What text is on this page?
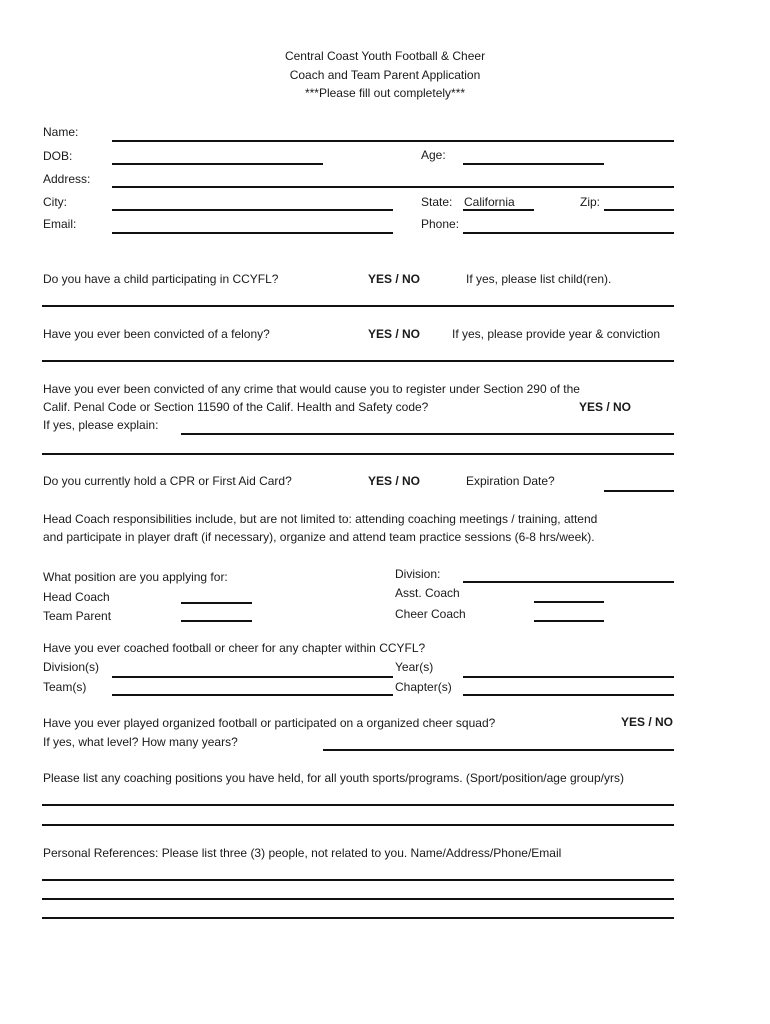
Central Coast Youth Football & Cheer
Coach and Team Parent Application
***Please fill out completely***
Name:
DOB:	Age:
Address:
City:	State: California	Zip:
Email:	Phone:
Do you have a child participating in CCYFL?	YES / NO	If yes, please list child(ren).
Have you ever been convicted of a felony?	YES / NO	If yes, please provide year & conviction
Have you ever been convicted of any crime that would cause you to register under Section 290 of the
Calif. Penal Code or Section 11590 of the Calif. Health and Safety code?	YES / NO
If yes, please explain:
Do you currently hold a CPR or First Aid Card?	YES / NO	Expiration Date?
Head Coach responsibilities include, but are not limited to: attending coaching meetings / training, attend
and participate in player draft (if necessary), organize and attend team practice sessions (6-8 hrs/week).
What position are you applying for:	Division:
Head Coach	Asst. Coach
Team Parent	Cheer Coach
Have you ever coached football or cheer for any chapter within CCYFL?
Division(s)	Year(s)
Team(s)	Chapter(s)
Have you ever played organized football or participated on a organized cheer squad?	YES / NO
If yes, what level? How many years?
Please list any coaching positions you have held, for all youth sports/programs. (Sport/position/age group/yrs)
Personal References: Please list three (3) people, not related to you. Name/Address/Phone/Email
